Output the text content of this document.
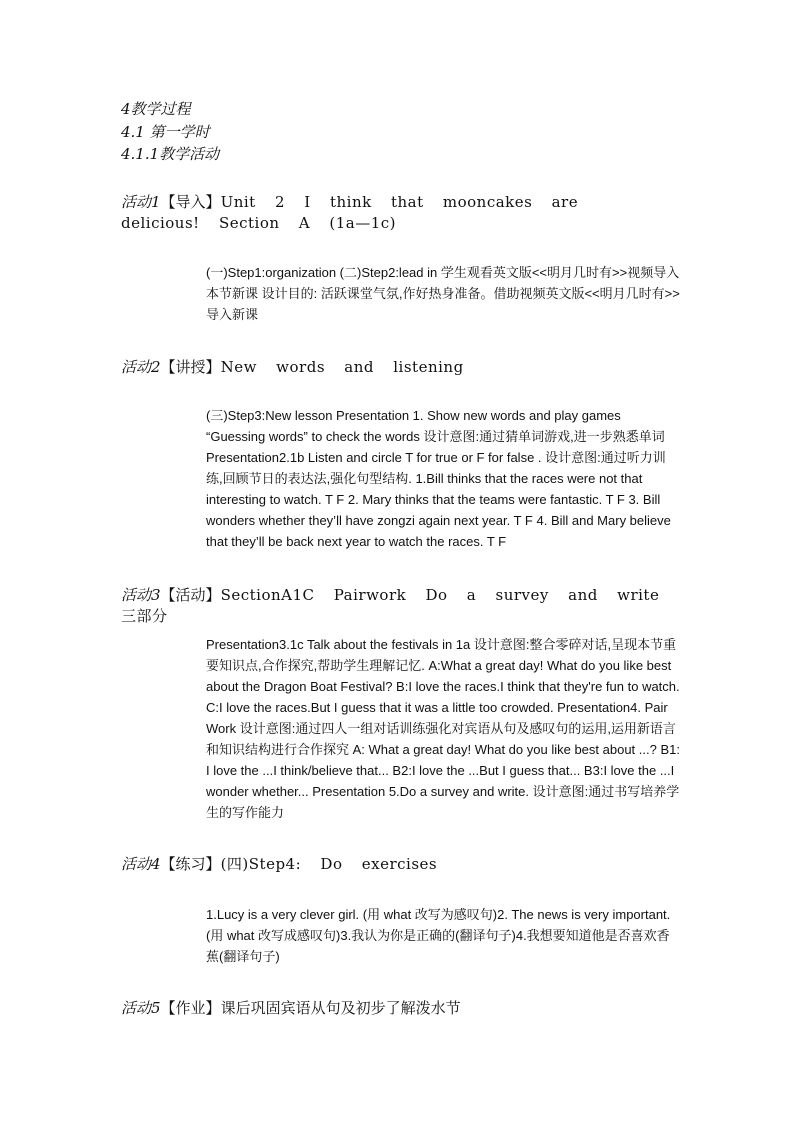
4教学过程
4.1 第一学时
4.1.1教学活动
活动1【导入】Unit 2 I think that mooncakes are delicious! Section A (1a—1c)

(一)Step1:organization (二)Step2:lead in 学生观看英文版<<明月几时有>>视频导入本节新课 设计目的: 活跃课堂气氛,作好热身准备。借助视频英文版<<明月几时有>>导入新课

活动2【讲授】New words and listening

(三)Step3:New lesson Presentation 1. Show new words and play games “Guessing words” to check the words 设计意图:通过猜单词游戏,进一步熟悉单词 Presentation2.1b Listen and circle T for true or F for false . 设计意图:通过听力训练,回顾节日的表达法,强化句型结构. 1.Bill thinks that the races were not that interesting to watch. T F 2. Mary thinks that the teams were fantastic. T F 3. Bill wonders whether they’ll have zongzi again next year. T F 4. Bill and Mary believe that they’ll be back next year to watch the races. T F

活动3【活动】SectionA1C Pairwork Do a survey and write 三部分

Presentation3.1c Talk about the festivals in 1a 设计意图:整合零碎对话,呈现本节重要知识点,合作探究,帮助学生理解记忆. A:What a great day! What do you like best about the Dragon Boat Festival? B:I love the races.I think that they're fun to watch. C:I love the races.But I guess that it was a little too crowded. Presentation4. Pair Work 设计意图:通过四人一组对话训练强化对宾语从句及感叹句的运用,运用新语言和知识结构进行合作探究 A: What a great day! What do you like best about ...? B1: I love the ...I think/believe that... B2:I love the ...But I guess that... B3:I love the ...I wonder whether... Presentation 5.Do a survey and write. 设计意图:通过书写培养学生的写作能力

活动4【练习】(四)Step4: Do exercises

1.Lucy is a very clever girl. (用 what 改写为感叹句)2. The news is very important. (用 what 改写成感叹句)3.我认为你是正确的(翻译句子)4.我想要知道他是否喜欢香蕉(翻译句子)

活动5【作业】课后巩固宾语从句及初步了解泼水节
